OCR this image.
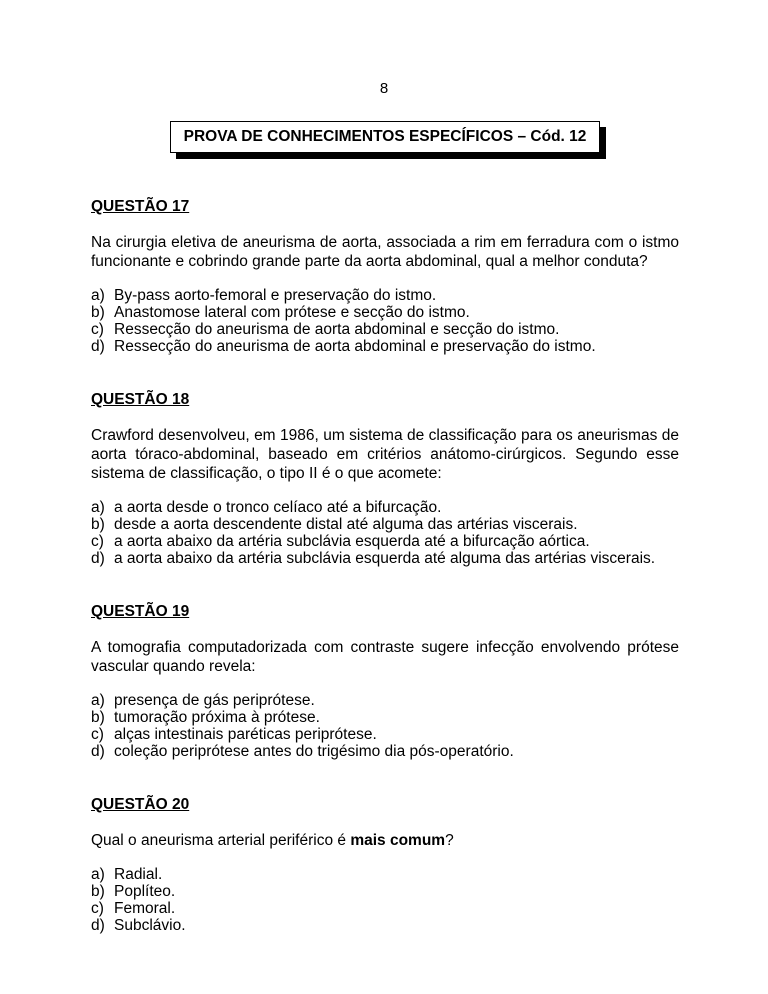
8
PROVA DE CONHECIMENTOS ESPECÍFICOS – Cód. 12
QUESTÃO 17
Na cirurgia eletiva de aneurisma de aorta, associada a rim em ferradura com o istmo funcionante e cobrindo grande parte da aorta abdominal, qual a melhor conduta?
a) By-pass aorto-femoral e preservação do istmo.
b) Anastomose lateral com prótese e secção do istmo.
c) Ressecção do aneurisma de aorta abdominal e secção do istmo.
d) Ressecção do aneurisma de aorta abdominal e preservação do istmo.
QUESTÃO 18
Crawford desenvolveu, em 1986, um sistema de classificação para os aneurismas de aorta tóraco-abdominal, baseado em critérios anátomo-cirúrgicos. Segundo esse sistema de classificação, o tipo II é o que acomete:
a) a aorta desde o tronco celíaco até a bifurcação.
b) desde a aorta descendente distal até alguma das artérias viscerais.
c) a aorta abaixo da artéria subclávia esquerda até a bifurcação aórtica.
d) a aorta abaixo da artéria subclávia esquerda até alguma das artérias viscerais.
QUESTÃO 19
A tomografia computadorizada com contraste sugere infecção envolvendo prótese vascular quando revela:
a) presença de gás periprótese.
b) tumoração próxima à prótese.
c) alças intestinais paréticas periprótese.
d) coleção periprótese antes do trigésimo dia pós-operatório.
QUESTÃO 20
Qual o aneurisma arterial periférico é mais comum?
a) Radial.
b) Poplíteo.
c) Femoral.
d) Subclávio.
